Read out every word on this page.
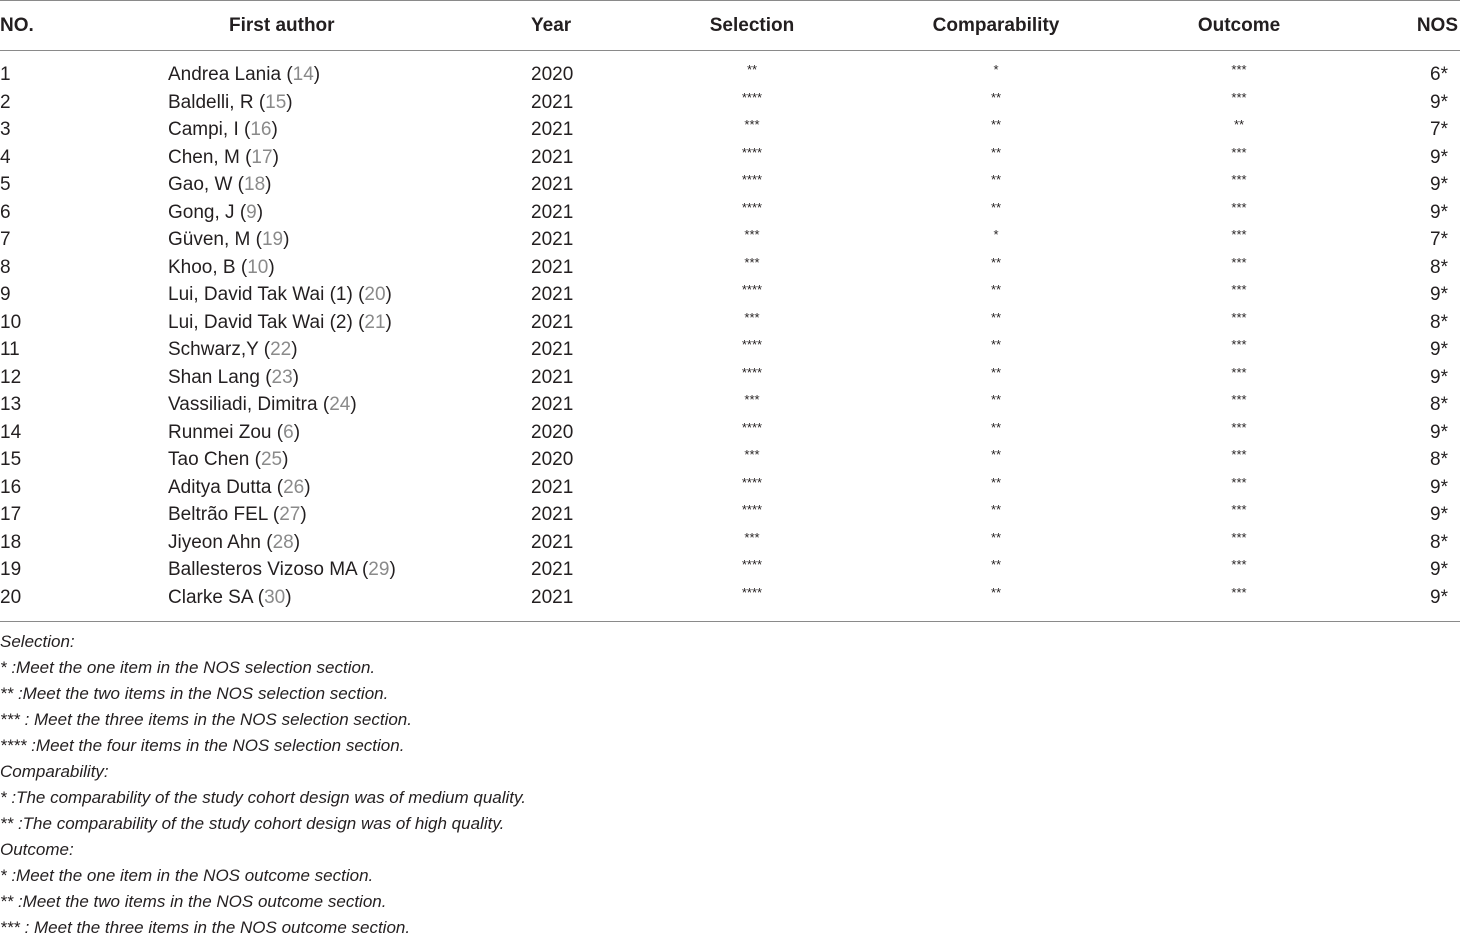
NO.	First author	Year	Selection	Comparability	Outcome	NOS
1	Andrea Lania (14)	2020	**	*	***	6*
2	Baldelli, R (15)	2021	****	**	***	9*
3	Campi, I (16)	2021	***	**	**	7*
4	Chen, M (17)	2021	****	**	***	9*
5	Gao, W (18)	2021	****	**	***	9*
6	Gong, J (9)	2021	****	**	***	9*
7	Güven, M (19)	2021	***	*	***	7*
8	Khoo, B (10)	2021	***	**	***	8*
9	Lui, David Tak Wai (1) (20)	2021	****	**	***	9*
10	Lui, David Tak Wai (2) (21)	2021	***	**	***	8*
11	Schwarz,Y (22)	2021	****	**	***	9*
12	Shan Lang (23)	2021	****	**	***	9*
13	Vassiliadi, Dimitra (24)	2021	***	**	***	8*
14	Runmei Zou (6)	2020	****	**	***	9*
15	Tao Chen (25)	2020	***	**	***	8*
16	Aditya Dutta (26)	2021	****	**	***	9*
17	Beltrão FEL (27)	2021	****	**	***	9*
18	Jiyeon Ahn (28)	2021	***	**	***	8*
19	Ballesteros Vizoso MA (29)	2021	****	**	***	9*
20	Clarke SA (30)	2021	****	**	***	9*
Selection:
* :Meet the one item in the NOS selection section.
** :Meet the two items in the NOS selection section.
*** : Meet the three items in the NOS selection section.
**** :Meet the four items in the NOS selection section.
Comparability:
* :The comparability of the study cohort design was of medium quality.
** :The comparability of the study cohort design was of high quality.
Outcome:
* :Meet the one item in the NOS outcome section.
** :Meet the two items in the NOS outcome section.
*** : Meet the three items in the NOS outcome section.
